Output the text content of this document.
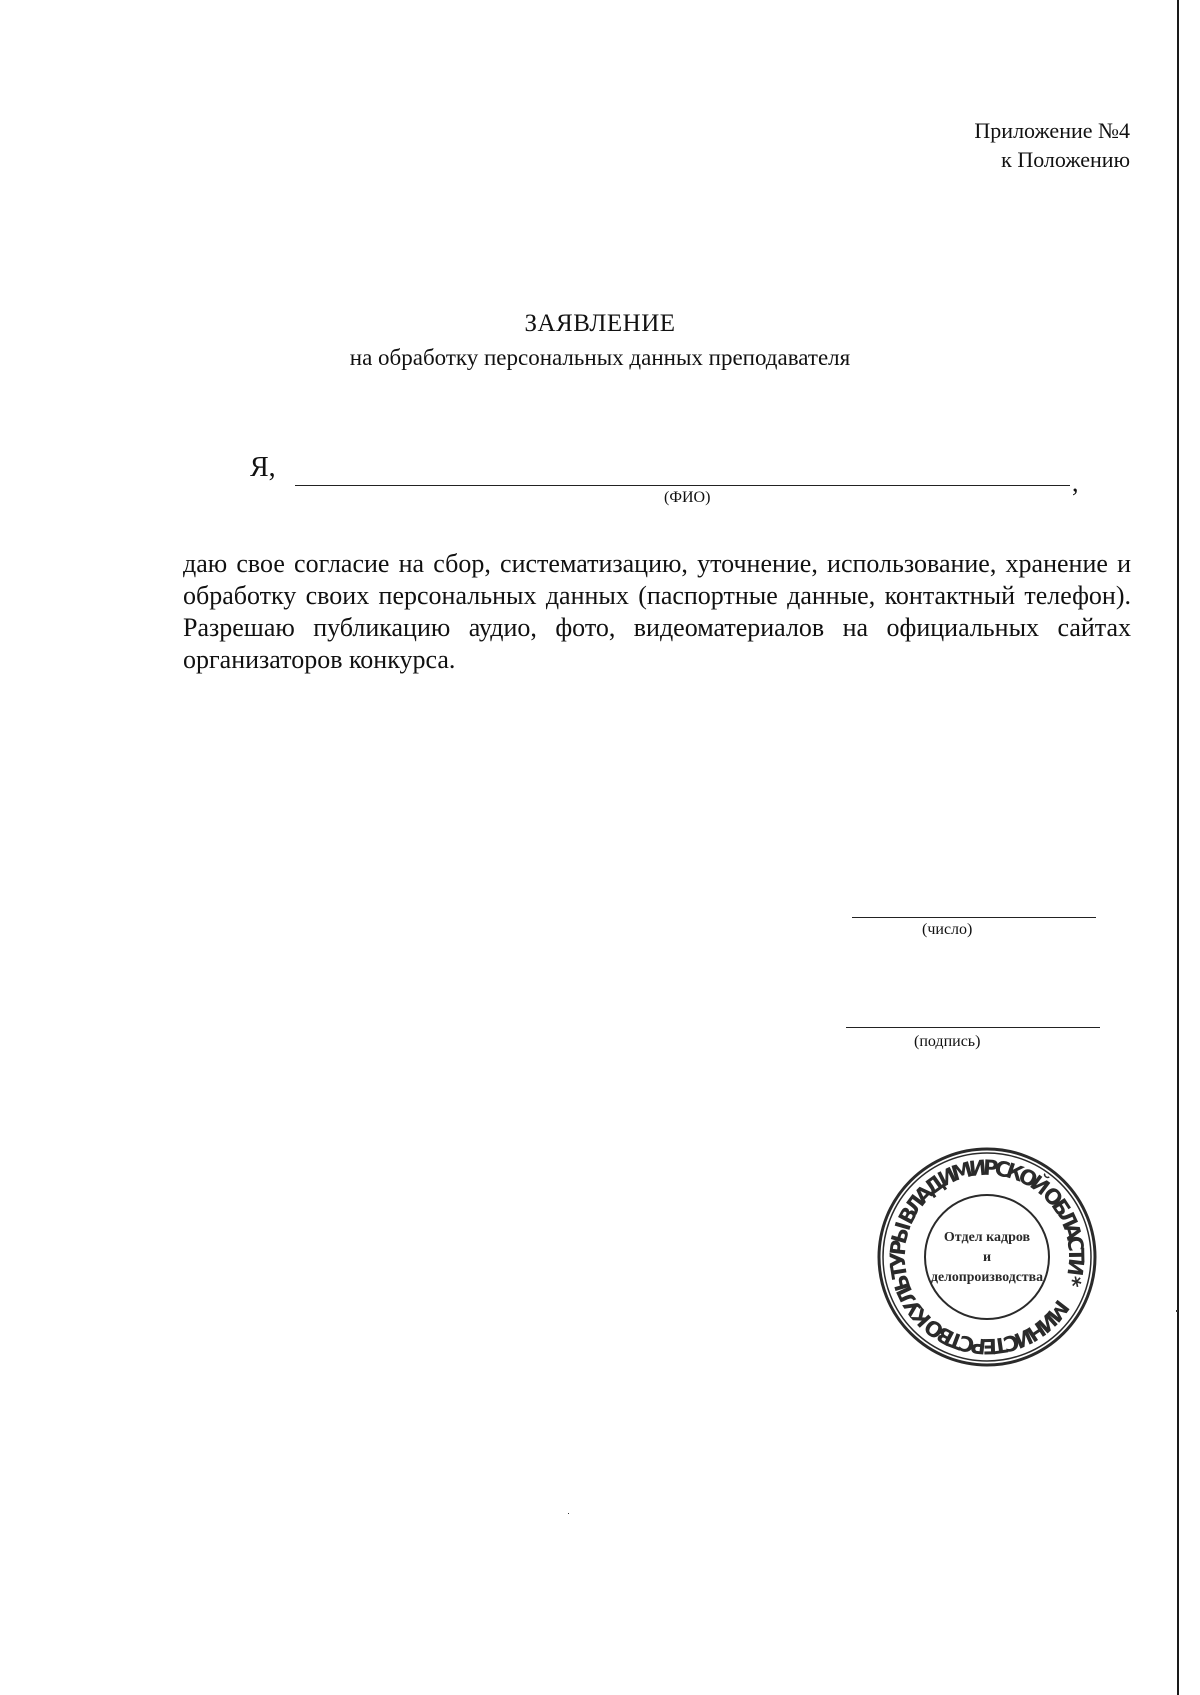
Приложение №4
к Положению
ЗАЯВЛЕНИЕ
на обработку персональных данных преподавателя
Я,	,
(ФИО)
даю свое согласие на сбор, систематизацию, уточнение, использование, хранение и обработку своих персональных данных (паспортные данные, контактный телефон). Разрешаю публикацию аудио, фото, видеоматериалов на официальных сайтах организаторов конкурса.
(число)
(подпись)
МИНИСТЕРСТВО КУЛЬТУРЫ ВЛАДИМИРСКОЙ ОБЛАСТИ *
Отдел кадров
и
делопроизводства
